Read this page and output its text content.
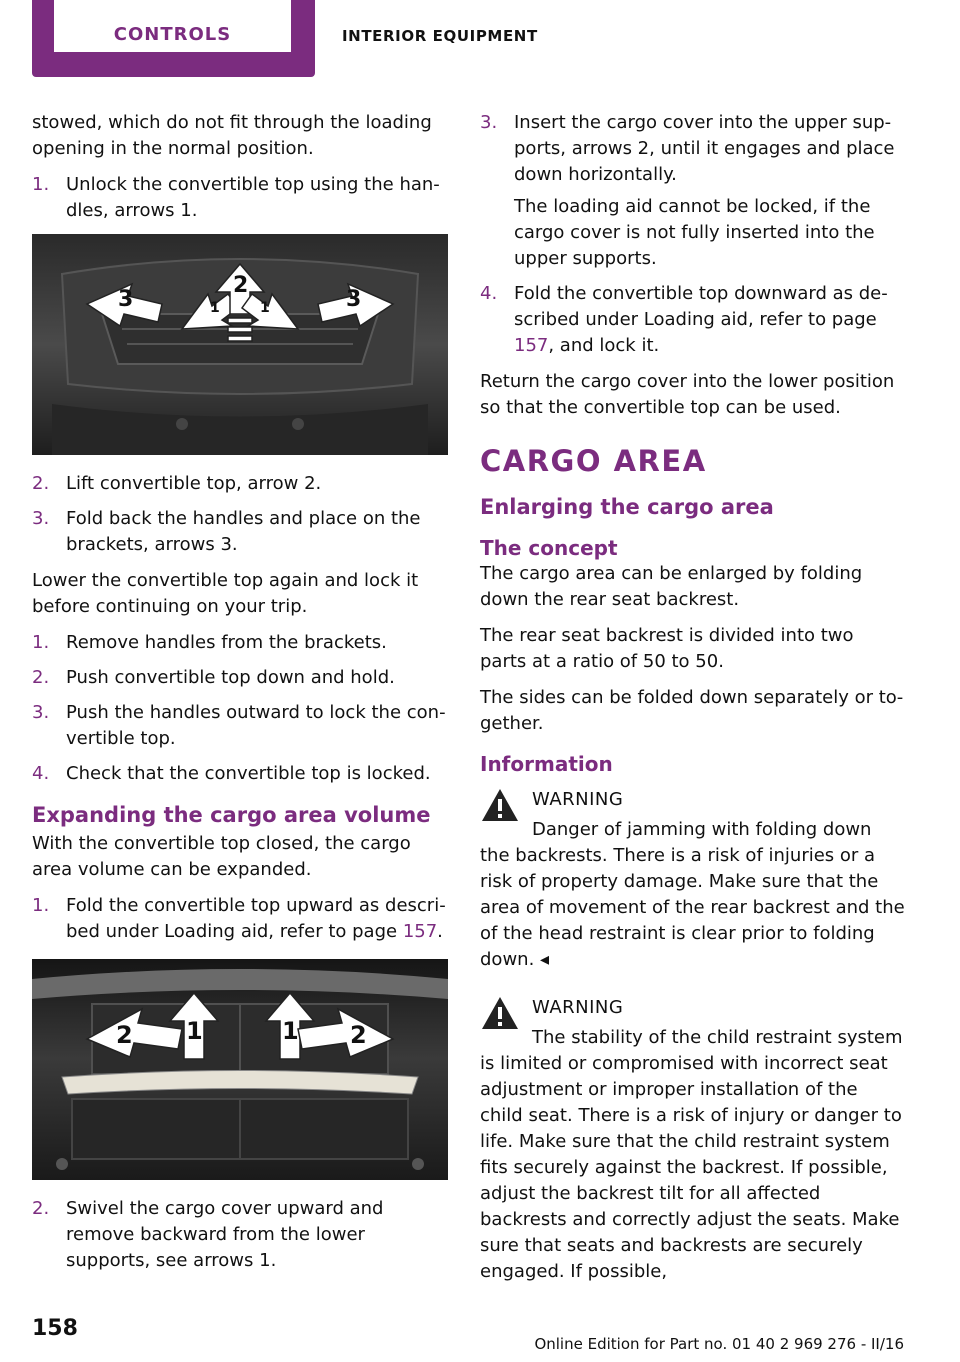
CONTROLS	INTERIOR EQUIPMENT

stowed, which do not fit through the loading opening in the normal position.

1. Unlock the convertible top using the handles, arrows 1.
3	1
2
1	3
2. Lift convertible top, arrow 2.
3. Fold back the handles and place on the brackets, arrows 3.

Lower the convertible top again and lock it before continuing on your trip.

1. Remove handles from the brackets.
2. Push convertible top down and hold.
3. Push the handles outward to lock the convertible top.
4. Check that the convertible top is locked.
Expanding the cargo area volume

With the convertible top closed, the cargo area volume can be expanded.

1. Fold the convertible top upward as described under Loading aid, refer to page 157.
2 1	1 2
2. Swivel the cargo cover upward and remove backward from the lower supports, see arrows 1.
3. Insert the cargo cover into the upper supports, arrows 2, until it engages and place down horizontally.
The loading aid cannot be locked, if the cargo cover is not fully inserted into the upper supports.
4. Fold the convertible top downward as described under Loading aid, refer to page 157, and lock it.

Return the cargo cover into the lower position so that the convertible top can be used.

CARGO AREA
Enlarging the cargo area
The concept

The cargo area can be enlarged by folding down the rear seat backrest.

The rear seat backrest is divided into two parts at a ratio of 50 to 50.

The sides can be folded down separately or together.

Information
WARNING
Danger of jamming with folding down the backrests. There is a risk of injuries or a risk of property damage. Make sure that the area of movement of the rear backrest and the of the head restraint is clear prior to folding down. ◂
WARNING
The stability of the child restraint system is limited or compromised with incorrect seat adjustment or improper installation of the child seat. There is a risk of injury or danger to life. Make sure that the child restraint system fits securely against the backrest. If possible, adjust the backrest tilt for all affected backrests and correctly adjust the seats. Make sure that seats and backrests are securely engaged. If possible,
158
Online Edition for Part no. 01 40 2 969 276 - II/16
